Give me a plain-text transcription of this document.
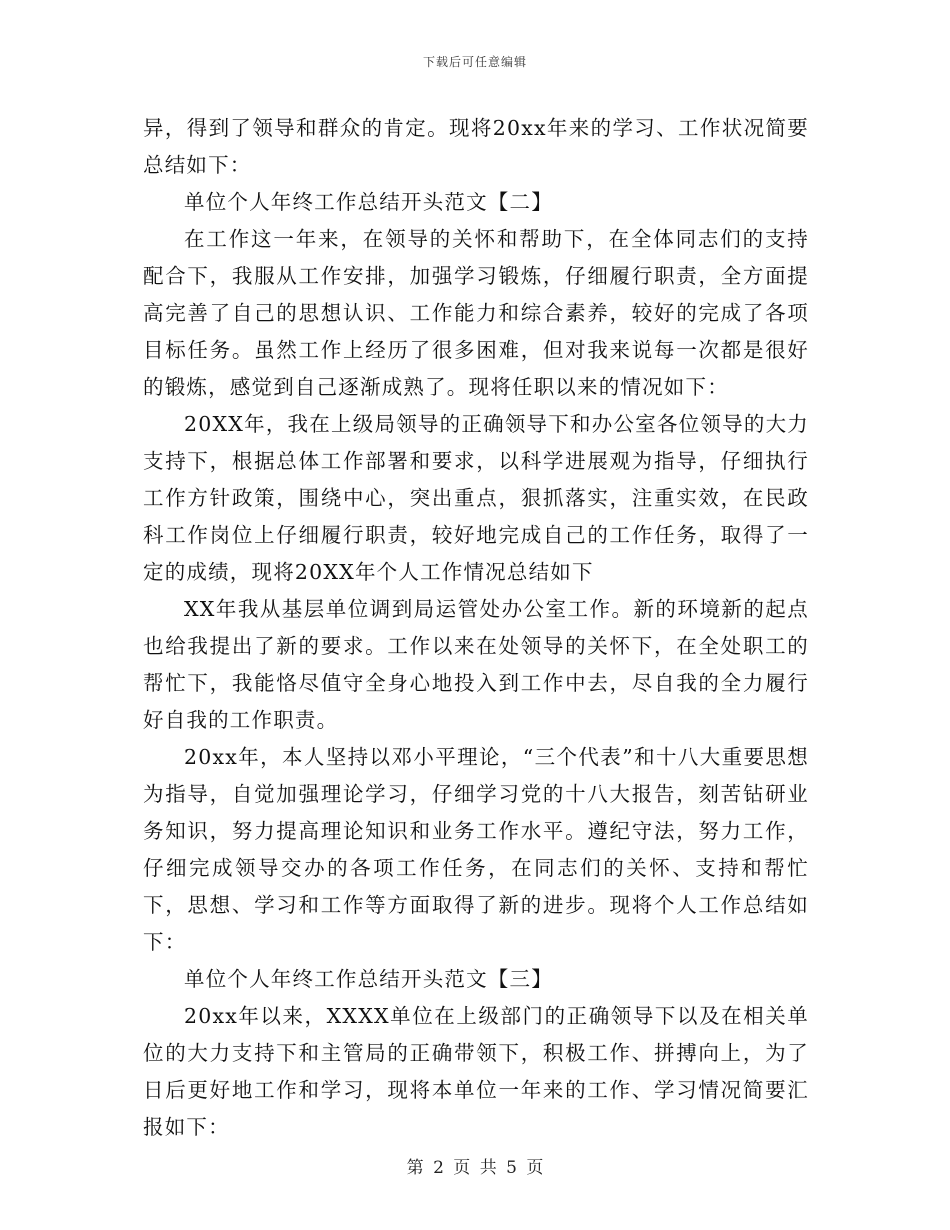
下载后可任意编辑

异，得到了领导和群众的肯定。现将20xx年来的学习、工作状况简要总结如下：

单位个人年终工作总结开头范文【二】

在工作这一年来，在领导的关怀和帮助下，在全体同志们的支持配合下，我服从工作安排，加强学习锻炼，仔细履行职责，全方面提高完善了自己的思想认识、工作能力和综合素养，较好的完成了各项目标任务。虽然工作上经历了很多困难，但对我来说每一次都是很好的锻炼，感觉到自己逐渐成熟了。现将任职以来的情况如下：

20XX年，我在上级局领导的正确领导下和办公室各位领导的大力支持下，根据总体工作部署和要求，以科学进展观为指导，仔细执行工作方针政策，围绕中心，突出重点，狠抓落实，注重实效，在民政科工作岗位上仔细履行职责，较好地完成自己的工作任务，取得了一定的成绩，现将20XX年个人工作情况总结如下

XX年我从基层单位调到局运管处办公室工作。新的环境新的起点也给我提出了新的要求。工作以来在处领导的关怀下，在全处职工的帮忙下，我能恪尽值守全身心地投入到工作中去，尽自我的全力履行好自我的工作职责。

20xx年，本人坚持以邓小平理论，“三个代表”和十八大重要思想为指导，自觉加强理论学习，仔细学习党的十八大报告，刻苦钻研业务知识，努力提高理论知识和业务工作水平。遵纪守法，努力工作，仔细完成领导交办的各项工作任务，在同志们的关怀、支持和帮忙下，思想、学习和工作等方面取得了新的进步。现将个人工作总结如下：

单位个人年终工作总结开头范文【三】

20xx年以来，XXXX单位在上级部门的正确领导下以及在相关单位的大力支持下和主管局的正确带领下，积极工作、拼搏向上，为了日后更好地工作和学习，现将本单位一年来的工作、学习情况简要汇报如下：

第 2 页 共 5 页
